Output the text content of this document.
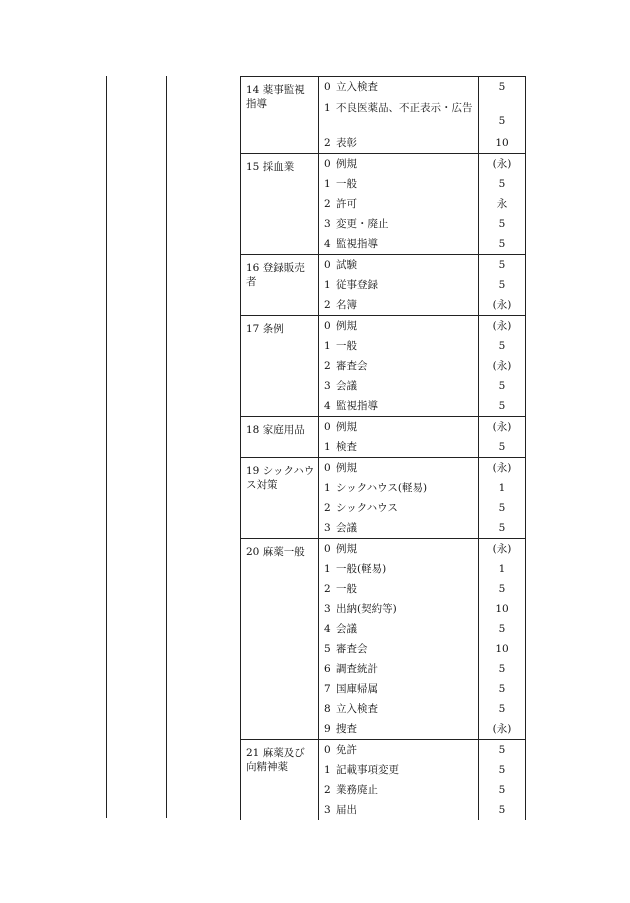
14 薬事監視指導	0 立入検査	5
	1 不良医薬品、不正表示・広告	5
	2 表彰	10

15 採血業	0 例規	(永)
	1 一般	5
	2 許可	永
	3 変更・廃止	5
	4 監視指導	5

16 登録販売者	0 試験	5
	1 従事登録	5
	2 名簿	(永)

17 条例	0 例規	(永)
	1 一般	5
	2 審査会	(永)
	3 会議	5
	4 監視指導	5

18 家庭用品	0 例規	(永)
	1 検査	5

19 シックハウス対策	0 例規	(永)
	1 シックハウス(軽易)	1
	2 シックハウス	5
	3 会議	5

20 麻薬一般	0 例規	(永)
	1 一般(軽易)	1
	2 一般	5
	3 出納(契約等)	10
	4 会議	5
	5 審査会	10
	6 調査統計	5
	7 国庫帰属	5
	8 立入検査	5
	9 捜査	(永)

21 麻薬及び向精神薬	0 免許	5
	1 記載事項変更	5
	2 業務廃止	5
	3 届出	5
